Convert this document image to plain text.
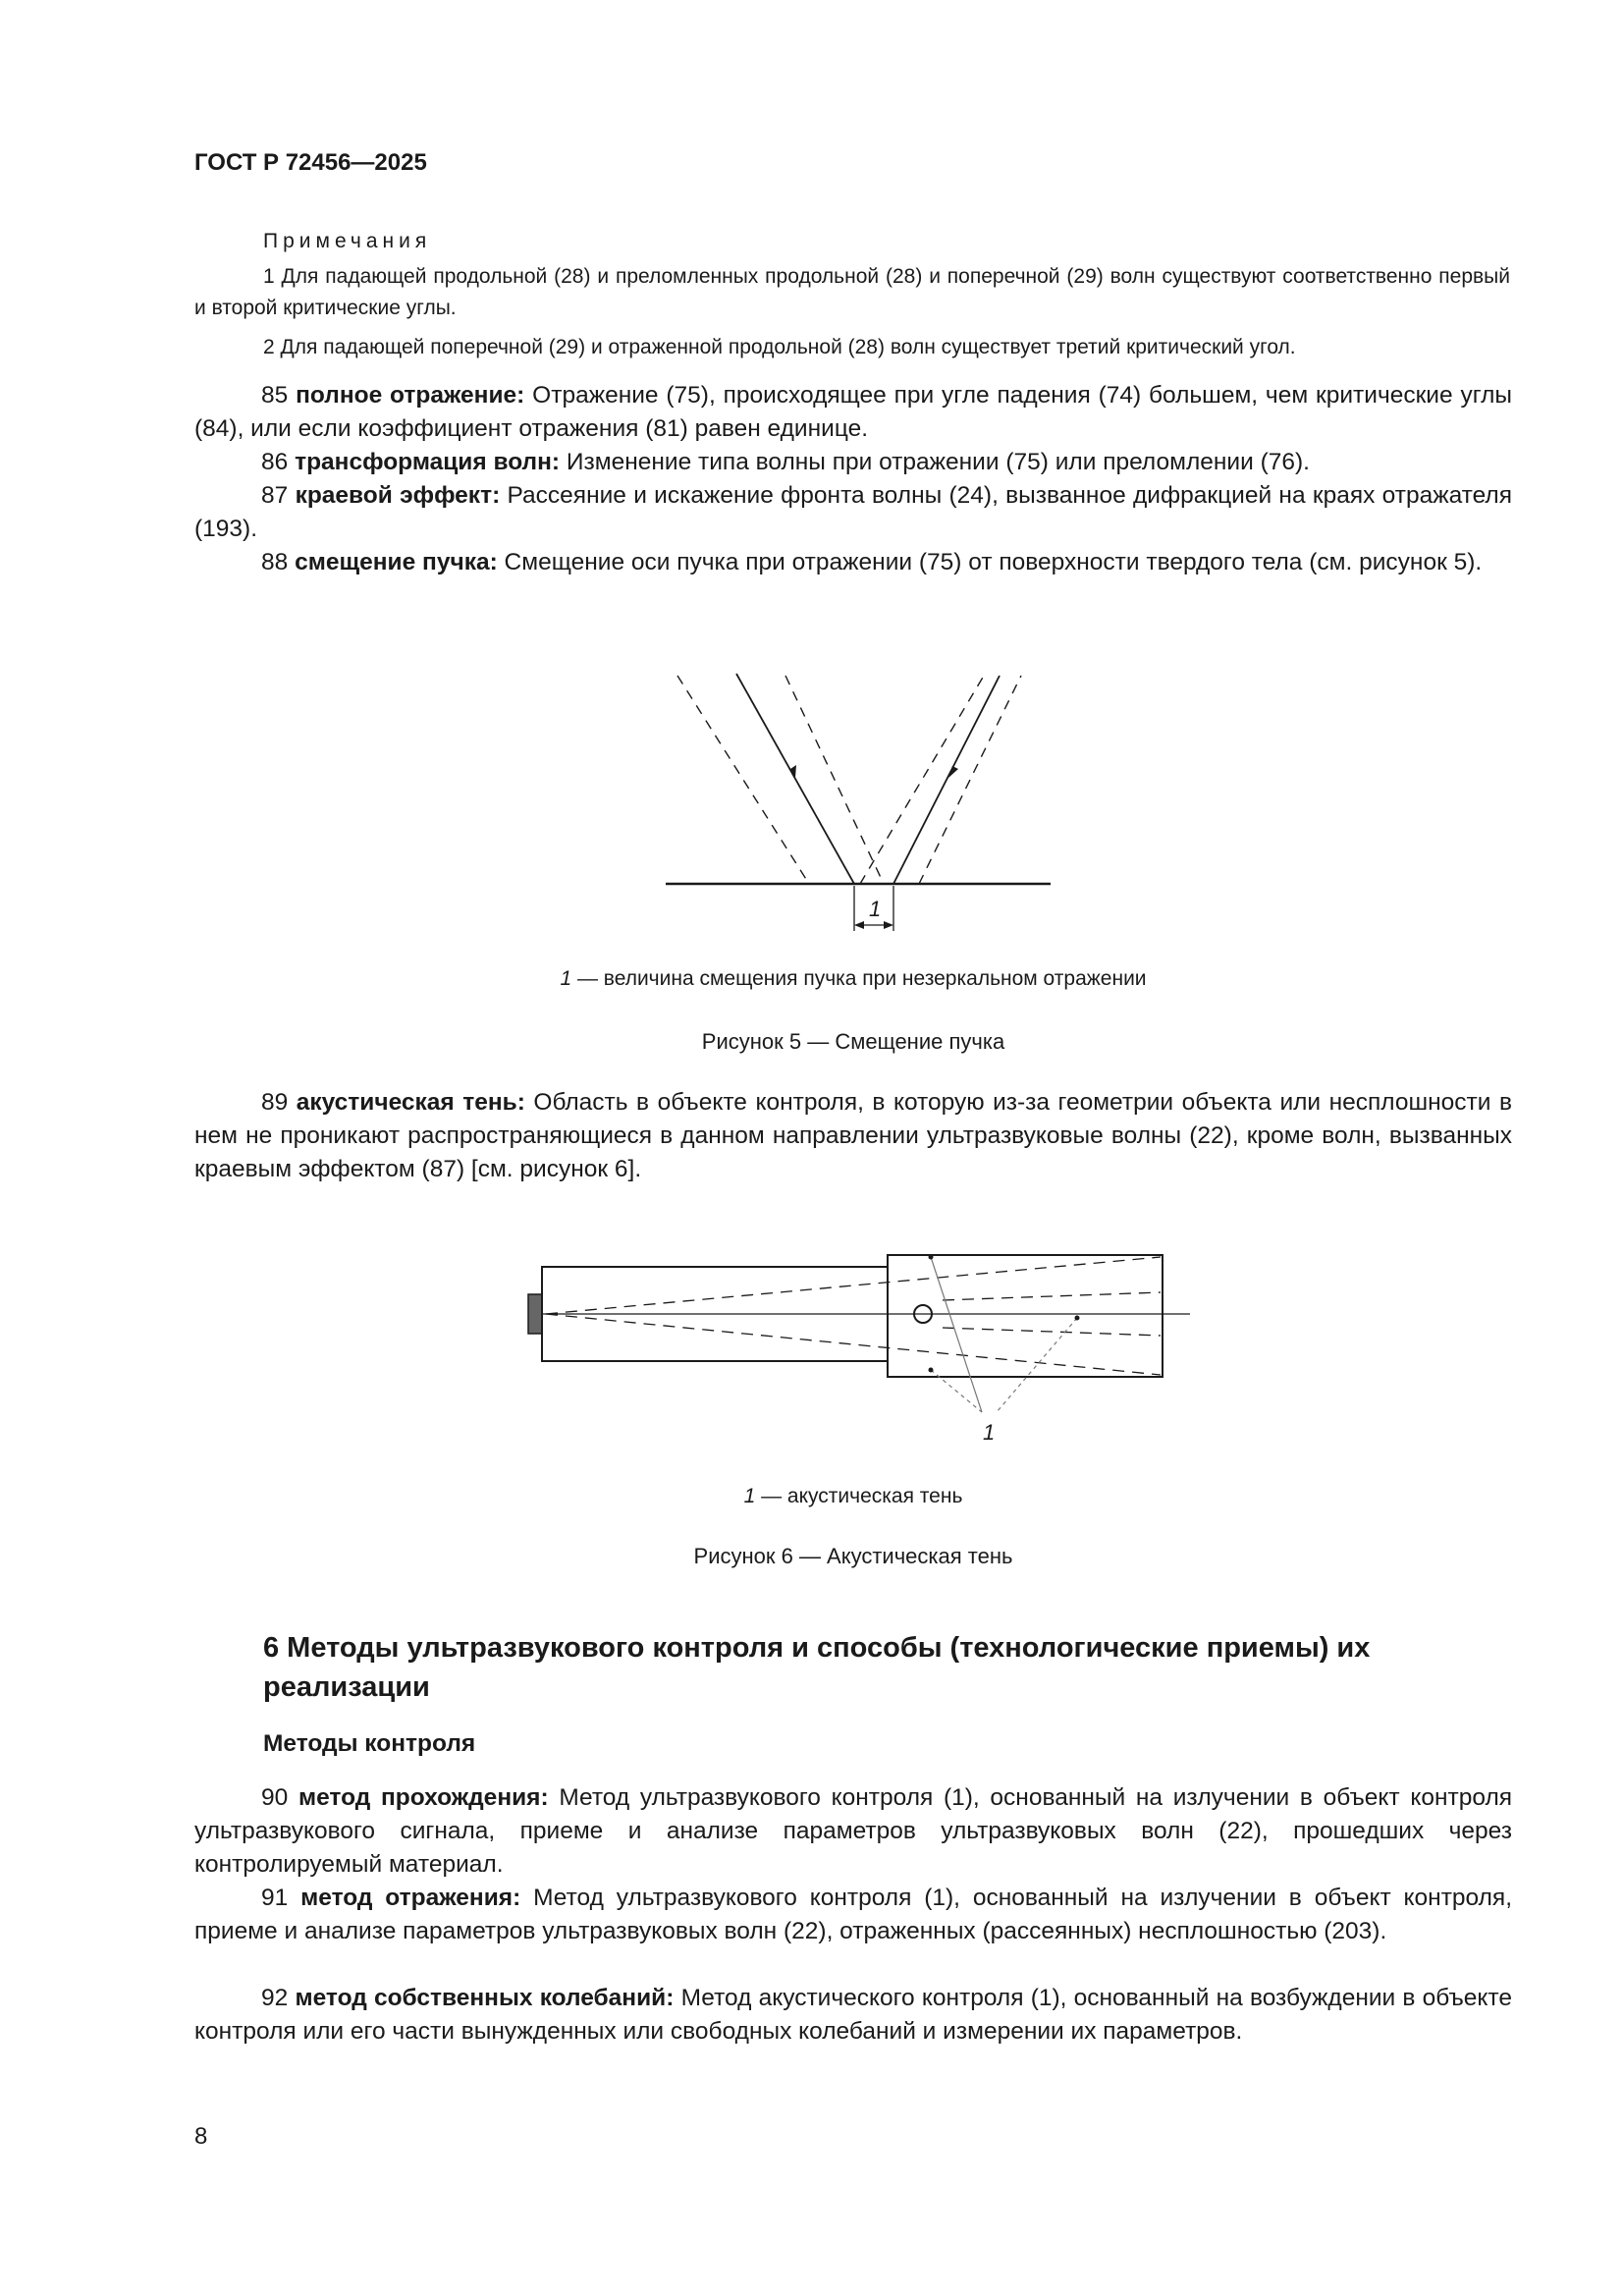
ГОСТ Р 72456—2025
Примечания
1 Для падающей продольной (28) и преломленных продольной (28) и поперечной (29) волн существуют соответственно первый и второй критические углы.
2 Для падающей поперечной (29) и отраженной продольной (28) волн существует третий критический угол.
85 полное отражение: Отражение (75), происходящее при угле падения (74) большем, чем критические углы (84), или если коэффициент отражения (81) равен единице.
86 трансформация волн: Изменение типа волны при отражении (75) или преломлении (76).
87 краевой эффект: Рассеяние и искажение фронта волны (24), вызванное дифракцией на краях отражателя (193).
88 смещение пучка: Смещение оси пучка при отражении (75) от поверхности твердого тела (см. рисунок 5).
1
1 — величина смещения пучка при незеркальном отражении
Рисунок 5 — Смещение пучка
89 акустическая тень: Область в объекте контроля, в которую из-за геометрии объекта или несплошности в нем не проникают распространяющиеся в данном направлении ультразвуковые волны (22), кроме волн, вызванных краевым эффектом (87) [см. рисунок 6].
1
1 — акустическая тень
Рисунок 6 — Акустическая тень
6 Методы ультразвукового контроля и способы (технологические приемы) их реализации
Методы контроля
90 метод прохождения: Метод ультразвукового контроля (1), основанный на излучении в объект контроля ультразвукового сигнала, приеме и анализе параметров ультразвуковых волн (22), прошедших через контролируемый материал.
91 метод отражения: Метод ультразвукового контроля (1), основанный на излучении в объект контроля, приеме и анализе параметров ультразвуковых волн (22), отраженных (рассеянных) несплошностью (203).
92 метод собственных колебаний: Метод акустического контроля (1), основанный на возбуждении в объекте контроля или его части вынужденных или свободных колебаний и измерении их параметров.
8
